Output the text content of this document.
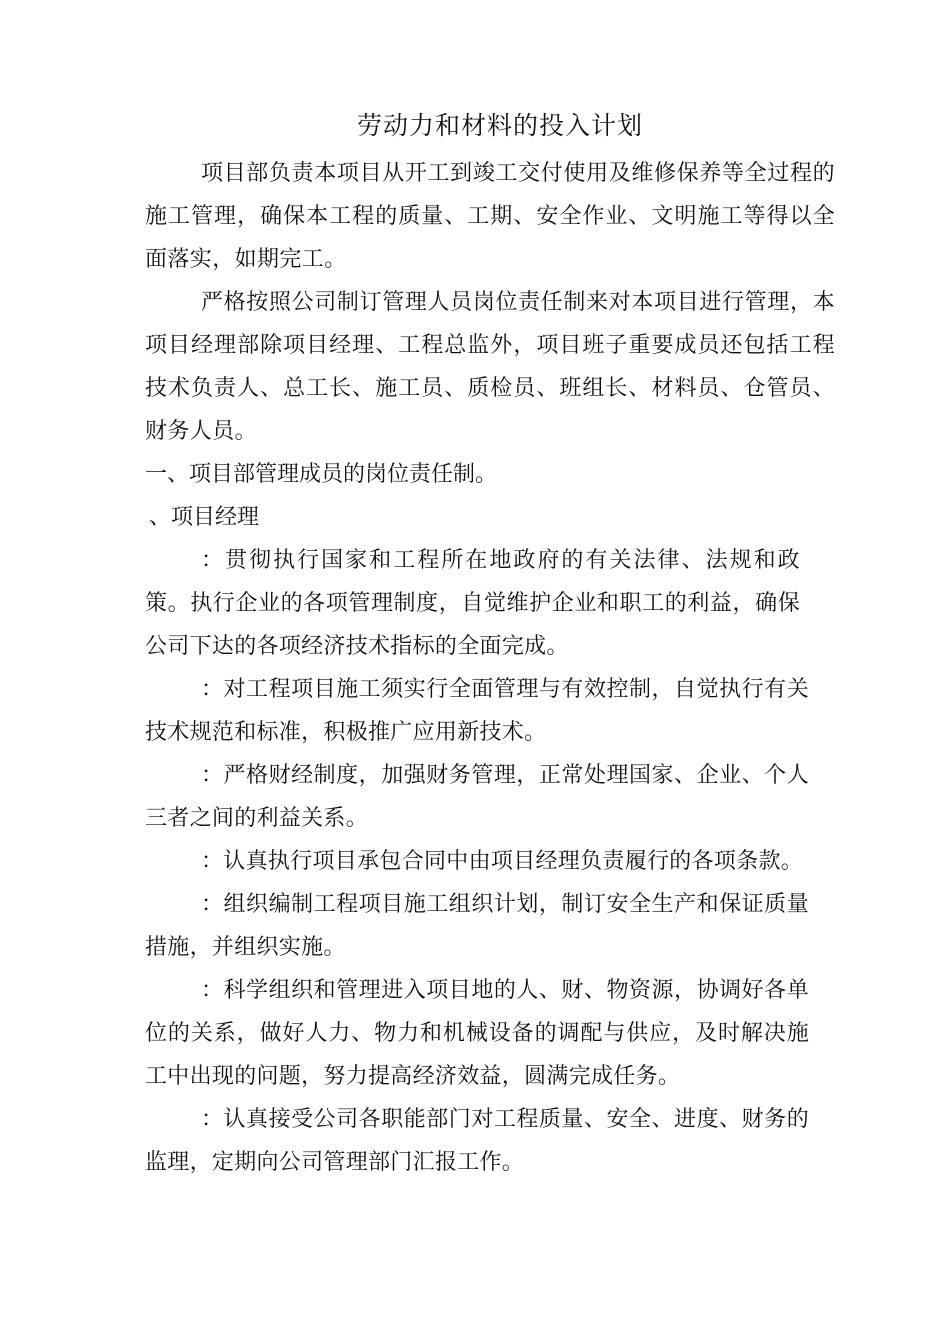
劳动力和材料的投入计划

项目部负责本项目从开工到竣工交付使用及维修保养等全过程的施工管理，确保本工程的质量、工期、安全作业、文明施工等得以全面落实，如期完工。

严格按照公司制订管理人员岗位责任制来对本项目进行管理，本项目经理部除项目经理、工程总监外，项目班子重要成员还包括工程技术负责人、总工长、施工员、质检员、班组长、材料员、仓管员、财务人员。

一、项目部管理成员的岗位责任制。

、项目经理

：贯彻执行国家和工程所在地政府的有关法律、法规和政策。执行企业的各项管理制度，自觉维护企业和职工的利益，确保公司下达的各项经济技术指标的全面完成。

：对工程项目施工须实行全面管理与有效控制，自觉执行有关技术规范和标准，积极推广应用新技术。

：严格财经制度，加强财务管理，正常处理国家、企业、个人三者之间的利益关系。

：认真执行项目承包合同中由项目经理负责履行的各项条款。

：组织编制工程项目施工组织计划，制订安全生产和保证质量措施，并组织实施。

：科学组织和管理进入项目地的人、财、物资源，协调好各单位的关系，做好人力、物力和机械设备的调配与供应，及时解决施工中出现的问题，努力提高经济效益，圆满完成任务。

：认真接受公司各职能部门对工程质量、安全、进度、财务的监理，定期向公司管理部门汇报工作。
